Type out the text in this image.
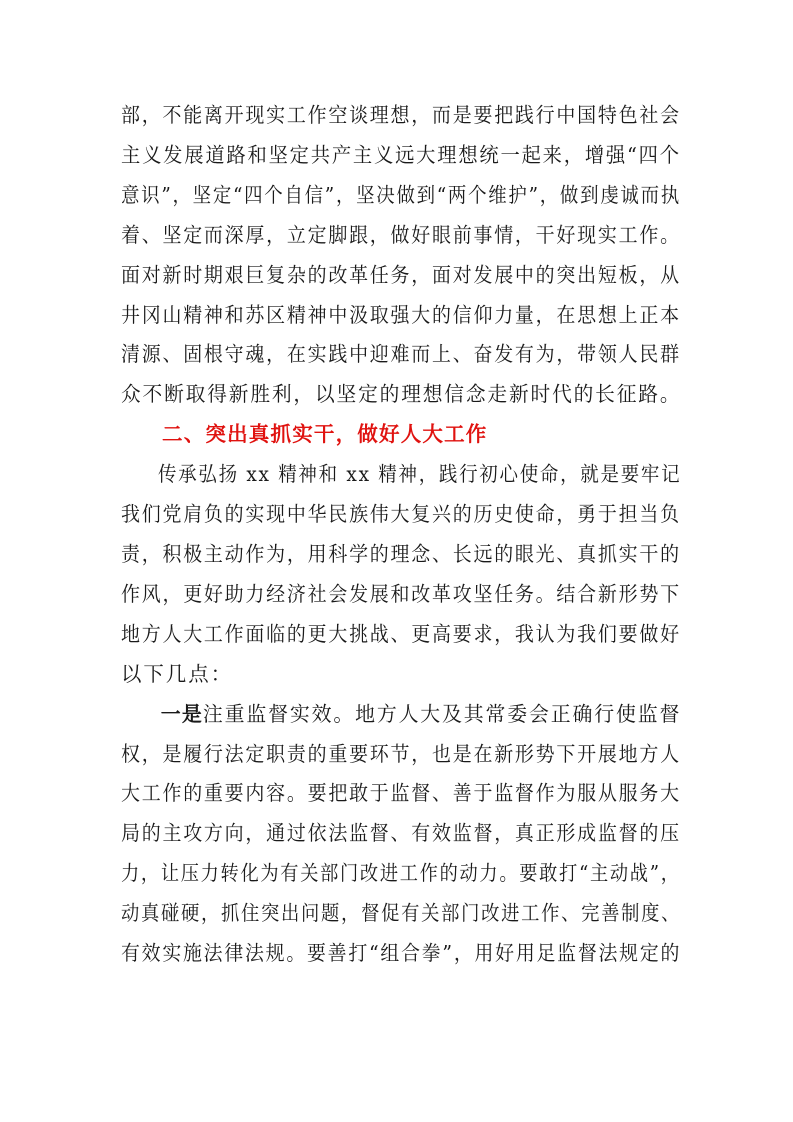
部，不能离开现实工作空谈理想，而是要把践行中国特色社会
主义发展道路和坚定共产主义远大理想统一起来，增强“四个
意识”，坚定“四个自信”，坚决做到“两个维护”，做到虔诚而执
着、坚定而深厚，立定脚跟，做好眼前事情，干好现实工作。
面对新时期艰巨复杂的改革任务，面对发展中的突出短板，从
井冈山精神和苏区精神中汲取强大的信仰力量，在思想上正本
清源、固根守魂，在实践中迎难而上、奋发有为，带领人民群
众不断取得新胜利，以坚定的理想信念走新时代的长征路。
二、突出真抓实干，做好人大工作
传承弘扬 xx 精神和 xx 精神，践行初心使命，就是要牢记
我们党肩负的实现中华民族伟大复兴的历史使命，勇于担当负
责，积极主动作为，用科学的理念、长远的眼光、真抓实干的
作风，更好助力经济社会发展和改革攻坚任务。结合新形势下
地方人大工作面临的更大挑战、更高要求，我认为我们要做好
以下几点：
一是注重监督实效。地方人大及其常委会正确行使监督
权，是履行法定职责的重要环节，也是在新形势下开展地方人
大工作的重要内容。要把敢于监督、善于监督作为服从服务大
局的主攻方向，通过依法监督、有效监督，真正形成监督的压
力，让压力转化为有关部门改进工作的动力。要敢打“主动战”，
动真碰硬，抓住突出问题，督促有关部门改进工作、完善制度、
有效实施法律法规。要善打“组合拳”，用好用足监督法规定的
